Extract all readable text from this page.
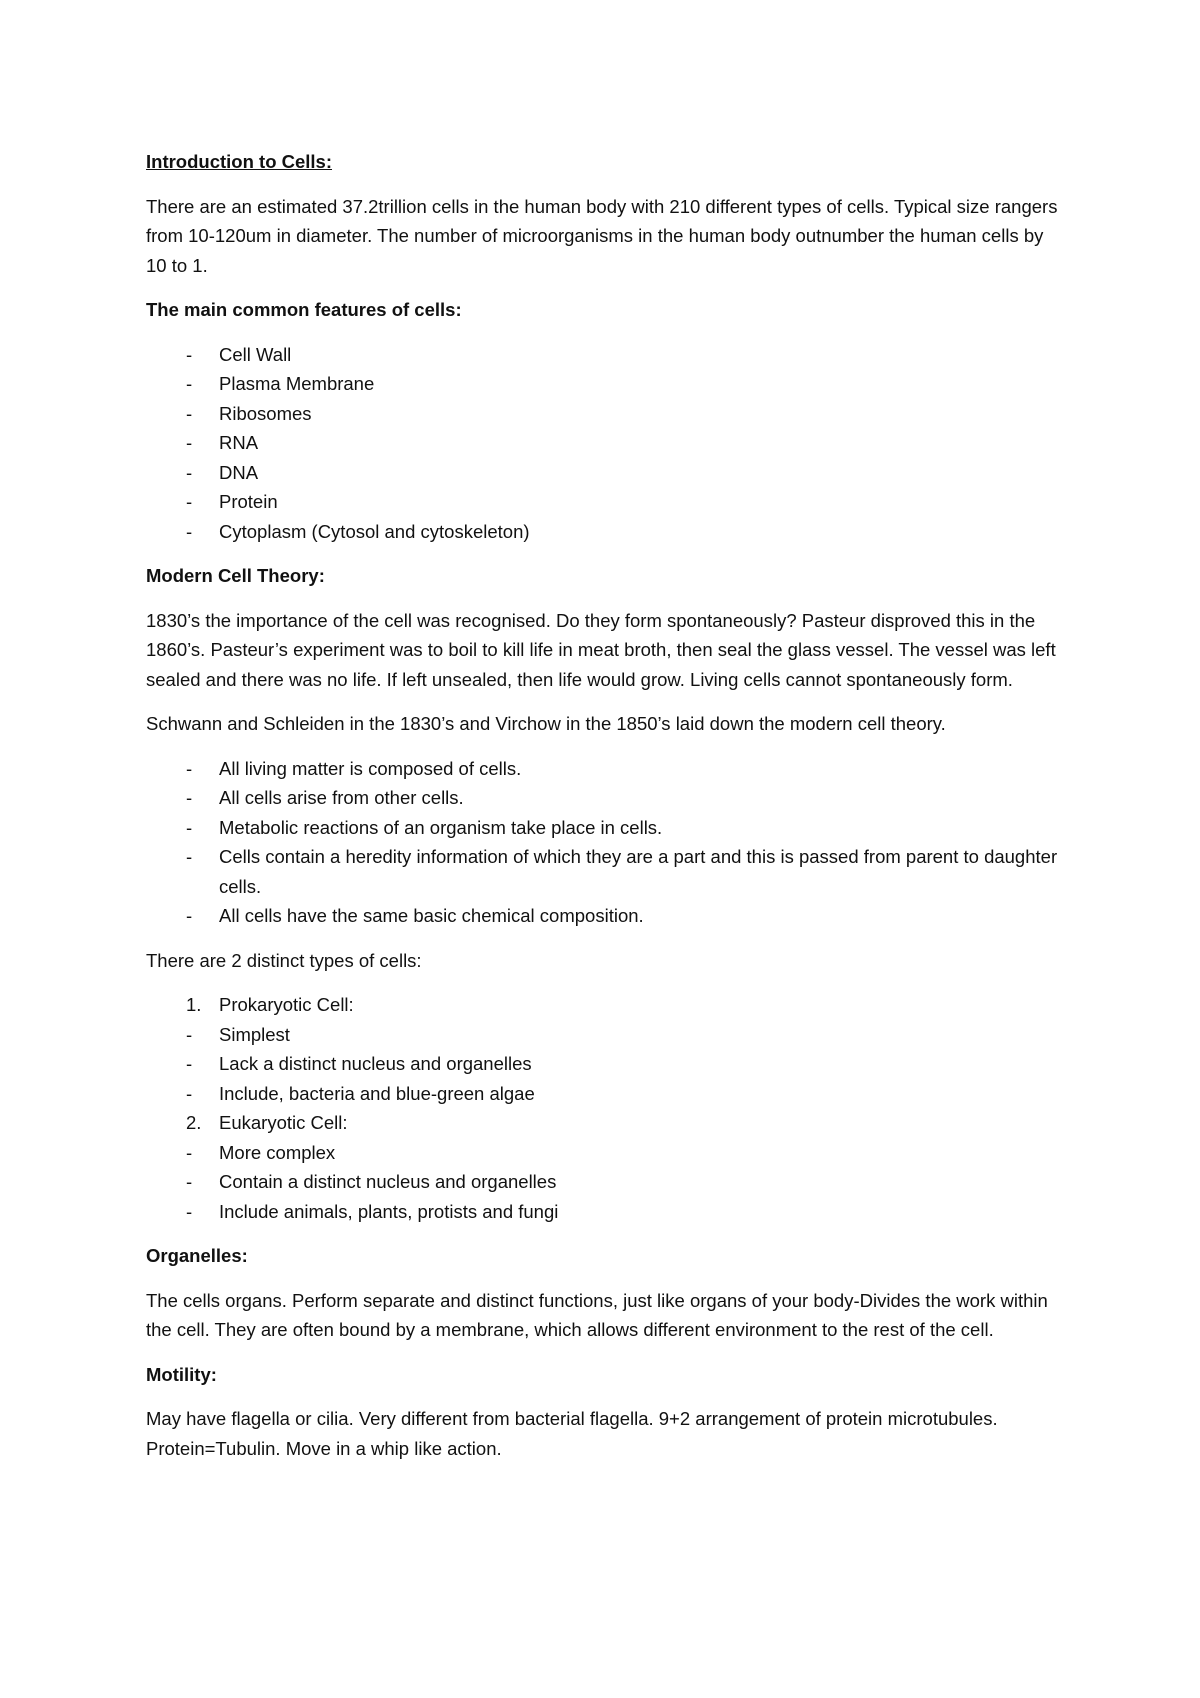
Introduction to Cells:
There are an estimated 37.2trillion cells in the human body with 210 different types of cells. Typical size rangers from 10-120um in diameter. The number of microorganisms in the human body outnumber the human cells by 10 to 1.
The main common features of cells:
- Cell Wall
- Plasma Membrane
- Ribosomes
- RNA
- DNA
- Protein
- Cytoplasm (Cytosol and cytoskeleton)
Modern Cell Theory:
1830’s the importance of the cell was recognised. Do they form spontaneously? Pasteur disproved this in the 1860’s. Pasteur’s experiment was to boil to kill life in meat broth, then seal the glass vessel. The vessel was left sealed and there was no life. If left unsealed, then life would grow. Living cells cannot spontaneously form.
Schwann and Schleiden in the 1830’s and Virchow in the 1850’s laid down the modern cell theory.
- All living matter is composed of cells.
- All cells arise from other cells.
- Metabolic reactions of an organism take place in cells.
- Cells contain a heredity information of which they are a part and this is passed from parent to daughter cells.
- All cells have the same basic chemical composition.
There are 2 distinct types of cells:
1. Prokaryotic Cell:
- Simplest
- Lack a distinct nucleus and organelles
- Include, bacteria and blue-green algae
2. Eukaryotic Cell:
- More complex
- Contain a distinct nucleus and organelles
- Include animals, plants, protists and fungi
Organelles:
The cells organs. Perform separate and distinct functions, just like organs of your body-Divides the work within the cell. They are often bound by a membrane, which allows different environment to the rest of the cell.
Motility:
May have flagella or cilia. Very different from bacterial flagella. 9+2 arrangement of protein microtubules. Protein=Tubulin. Move in a whip like action.
